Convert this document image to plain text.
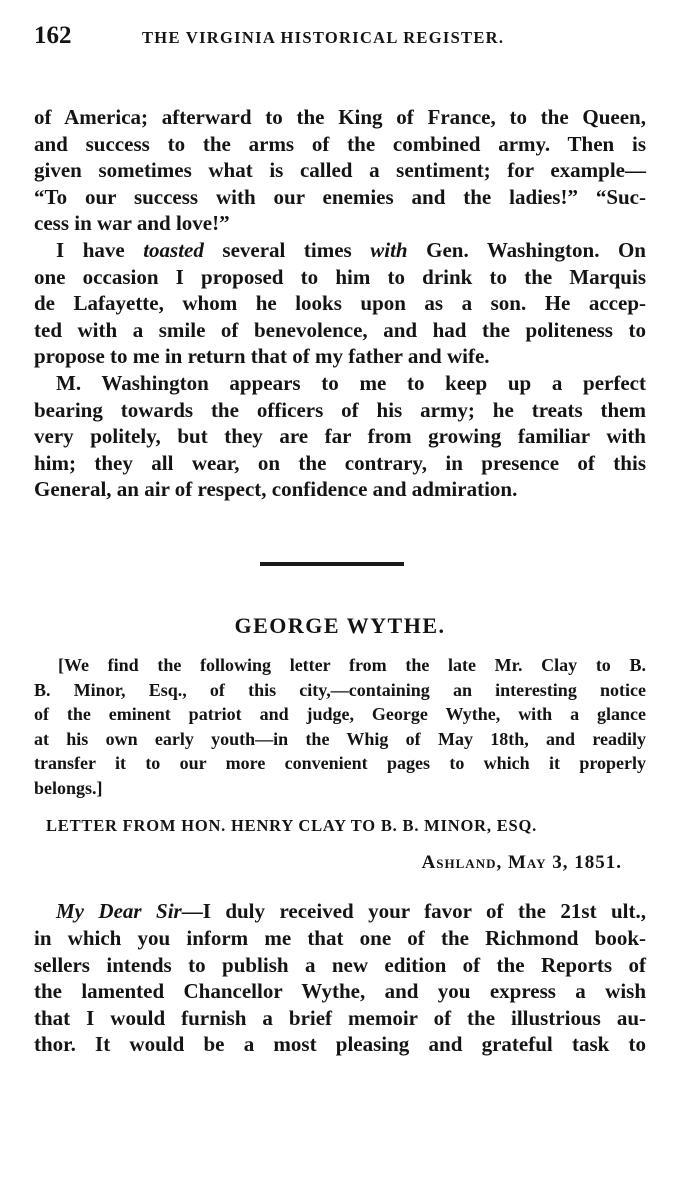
162	THE VIRGINIA HISTORICAL REGISTER.
of America; afterward to the King of France, to the Queen,
and success to the arms of the combined army. Then is
given sometimes what is called a sentiment; for example—
“To our success with our enemies and the ladies!” “Suc-
cess in war and love!”
I have toasted several times with Gen. Washington. On
one occasion I proposed to him to drink to the Marquis
de Lafayette, whom he looks upon as a son. He accep-
ted with a smile of benevolence, and had the politeness to
propose to me in return that of my father and wife.
M. Washington appears to me to keep up a perfect
bearing towards the officers of his army; he treats them
very politely, but they are far from growing familiar with
him; they all wear, on the contrary, in presence of this
General, an air of respect, confidence and admiration.
GEORGE WYTHE.
[We find the following letter from the late Mr. Clay to B.
B. Minor, Esq., of this city,—containing an interesting notice
of the eminent patriot and judge, George Wythe, with a glance
at his own early youth—in the Whig of May 18th, and readily
transfer it to our more convenient pages to which it properly
belongs.]
LETTER FROM HON. HENRY CLAY TO B. B. MINOR, ESQ.
Ashland, May 3, 1851.
My Dear Sir—I duly received your favor of the 21st ult.,
in which you inform me that one of the Richmond book-
sellers intends to publish a new edition of the Reports of
the lamented Chancellor Wythe, and you express a wish
that I would furnish a brief memoir of the illustrious au-
thor. It would be a most pleasing and grateful task to
